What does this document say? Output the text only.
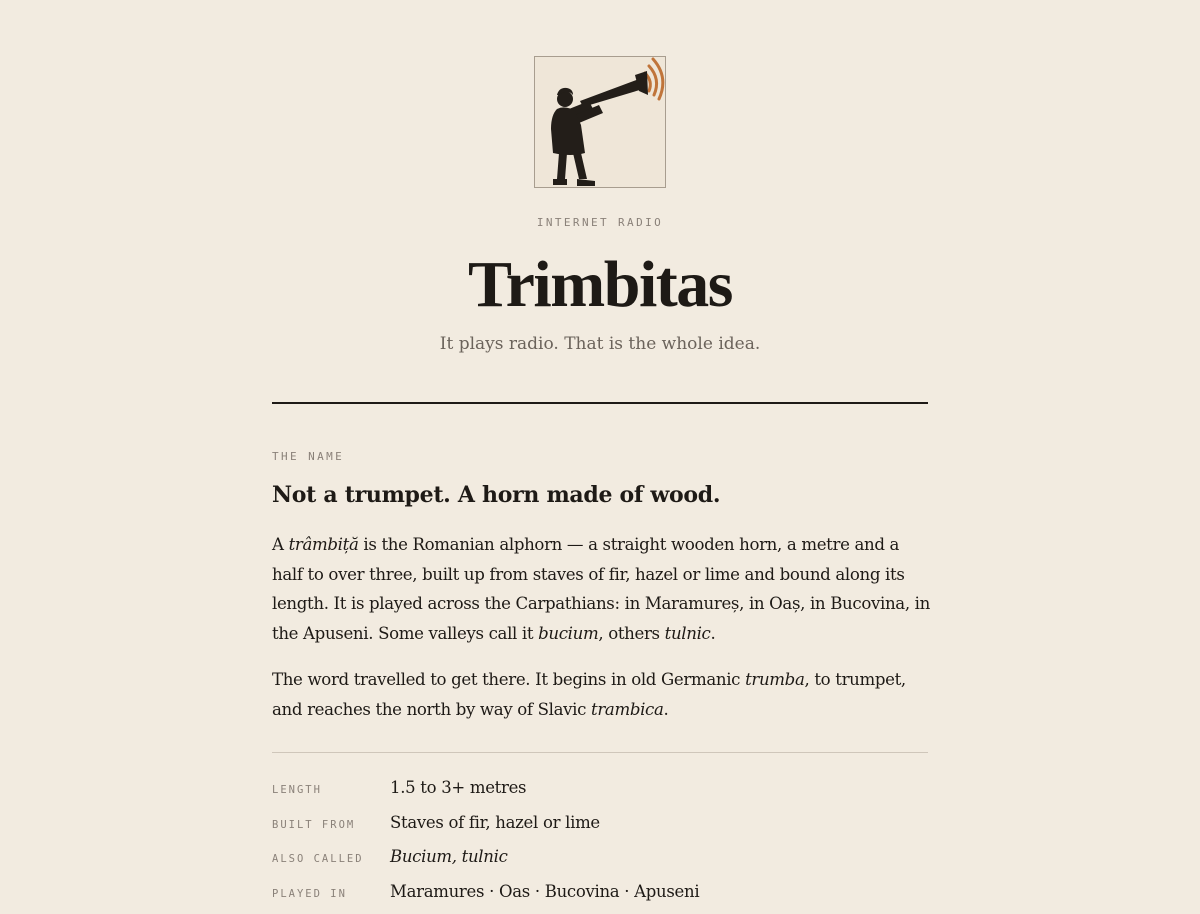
INTERNET RADIO
Trimbitas
It plays radio. That is the whole idea.
THE NAME
Not a trumpet. A horn made of wood.

A trâmbiță is the Romanian alphorn — a straight wooden horn, a metre and a half to over three, built up from staves of fir, hazel or lime and bound along its length. It is played across the Carpathians: in Maramureș, in Oaș, in Bucovina, in the Apuseni. Some valleys call it bucium, others tulnic.

The word travelled to get there. It begins in old Germanic trumba, to trumpet, and reaches the north by way of Slavic trambica.

LENGTH	1.5 to 3+ metres
BUILT FROM Staves of fir, hazel or lime
ALSO CALLED Bucium, tulnic
PLAYED IN	Maramures · Oas · Bucovina · Apuseni
